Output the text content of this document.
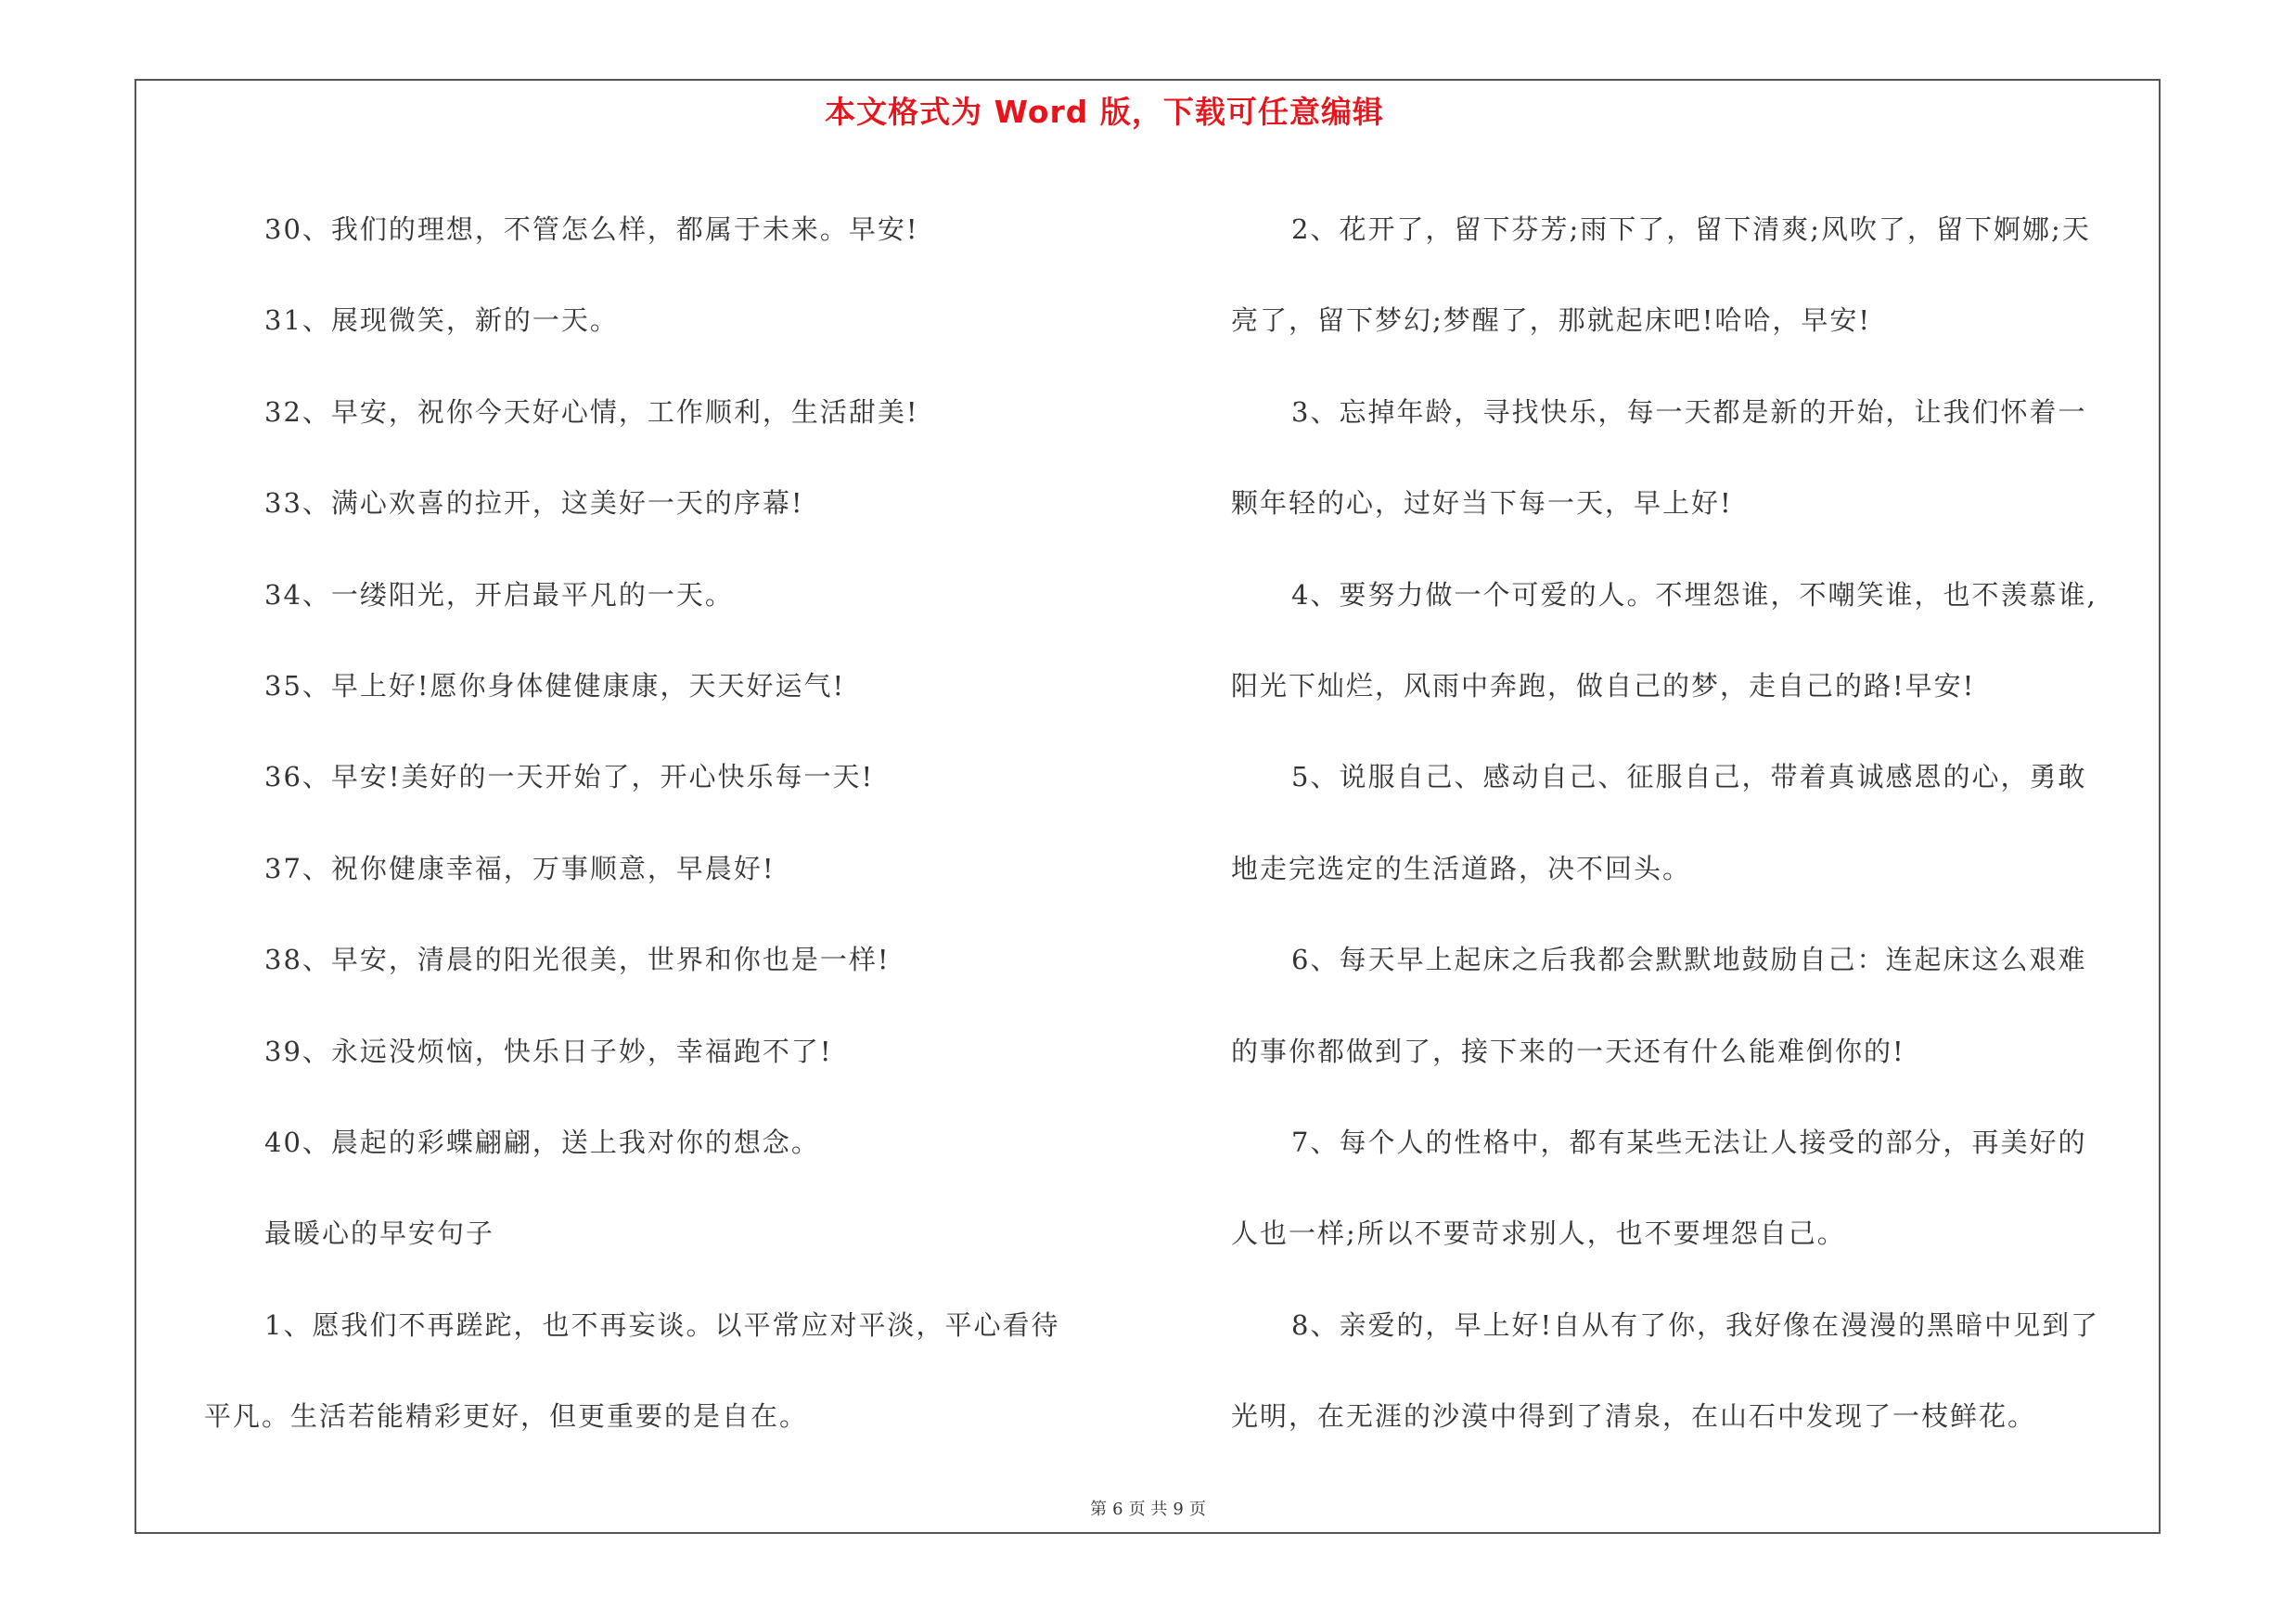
本文格式为 Word 版，下载可任意编辑
30、我们的理想，不管怎么样，都属于未来。早安!
31、展现微笑，新的一天。
32、早安，祝你今天好心情，工作顺利，生活甜美!
33、满心欢喜的拉开，这美好一天的序幕!
34、一缕阳光，开启最平凡的一天。
35、早上好!愿你身体健健康康，天天好运气!
36、早安!美好的一天开始了，开心快乐每一天!
37、祝你健康幸福，万事顺意，早晨好!
38、早安，清晨的阳光很美，世界和你也是一样!
39、永远没烦恼，快乐日子妙，幸福跑不了!
40、晨起的彩蝶翩翩，送上我对你的想念。
最暖心的早安句子
1、愿我们不再蹉跎，也不再妄谈。以平常应对平淡，平心看待
平凡。生活若能精彩更好，但更重要的是自在。
2、花开了，留下芬芳;雨下了，留下清爽;风吹了，留下婀娜;天
亮了，留下梦幻;梦醒了，那就起床吧!哈哈，早安!
3、忘掉年龄，寻找快乐，每一天都是新的开始，让我们怀着一
颗年轻的心，过好当下每一天，早上好!
4、要努力做一个可爱的人。不埋怨谁，不嘲笑谁，也不羡慕谁,
阳光下灿烂，风雨中奔跑，做自己的梦，走自己的路!早安!
5、说服自己、感动自己、征服自己，带着真诚感恩的心，勇敢
地走完选定的生活道路，决不回头。
6、每天早上起床之后我都会默默地鼓励自己：连起床这么艰难
的事你都做到了，接下来的一天还有什么能难倒你的!
7、每个人的性格中，都有某些无法让人接受的部分，再美好的
人也一样;所以不要苛求别人，也不要埋怨自己。
8、亲爱的，早上好!自从有了你，我好像在漫漫的黑暗中见到了
光明，在无涯的沙漠中得到了清泉，在山石中发现了一枝鲜花。
第 6 页 共 9 页
